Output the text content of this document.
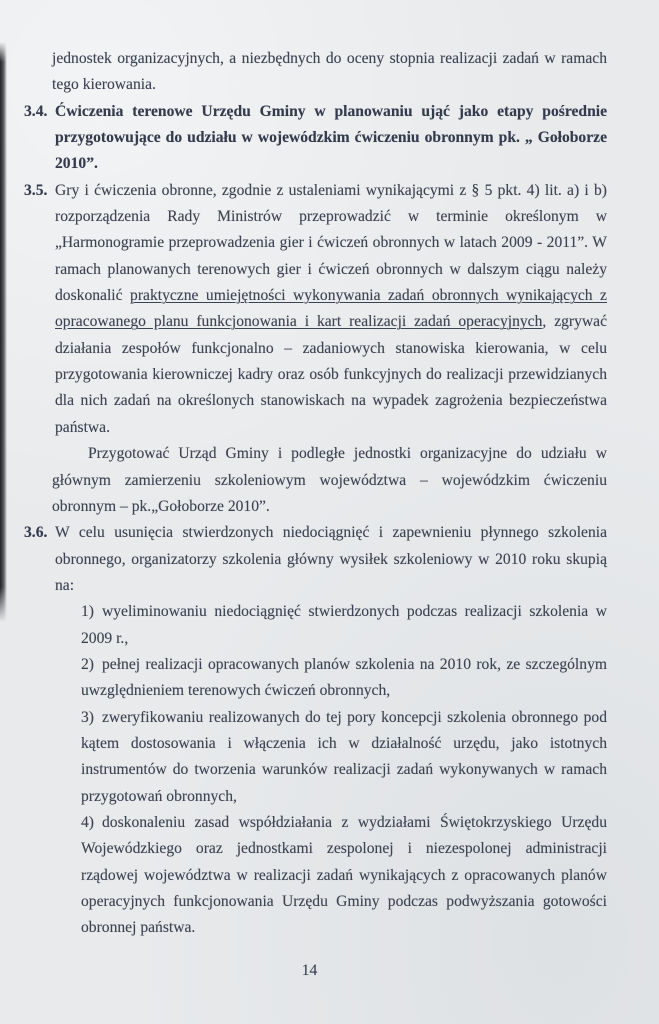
jednostek organizacyjnych, a niezbędnych do oceny stopnia realizacji zadań w ramach tego kierowania.

3.4. Ćwiczenia terenowe Urzędu Gminy w planowaniu ująć jako etapy pośrednie przygotowujące do udziału w wojewódzkim ćwiczeniu obronnym pk. „ Gołoborze 2010”.

3.5. Gry i ćwiczenia obronne, zgodnie z ustaleniami wynikającymi z § 5 pkt. 4) lit. a) i b) rozporządzenia Rady Ministrów przeprowadzić w terminie określonym w „Harmonogramie przeprowadzenia gier i ćwiczeń obronnych w latach 2009 - 2011”. W ramach planowanych terenowych gier i ćwiczeń obronnych w dalszym ciągu należy doskonalić praktyczne umiejętności wykonywania zadań obronnych wynikających z opracowanego planu funkcjonowania i kart realizacji zadań operacyjnych, zgrywać działania zespołów funkcjonalno – zadaniowych stanowiska kierowania, w celu przygotowania kierowniczej kadry oraz osób funkcyjnych do realizacji przewidzianych dla nich zadań na określonych stanowiskach na wypadek zagrożenia bezpieczeństwa państwa.

Przygotować Urząd Gminy i podległe jednostki organizacyjne do udziału w głównym zamierzeniu szkoleniowym województwa – wojewódzkim ćwiczeniu obronnym – pk.„Gołoborze 2010”.

3.6. W celu usunięcia stwierdzonych niedociągnięć i zapewnieniu płynnego szkolenia obronnego, organizatorzy szkolenia główny wysiłek szkoleniowy w 2010 roku skupią na:

1) wyeliminowaniu niedociągnięć stwierdzonych podczas realizacji szkolenia w 2009 r.,
2) pełnej realizacji opracowanych planów szkolenia na 2010 rok, ze szczególnym uwzględnieniem terenowych ćwiczeń obronnych,
3) zweryfikowaniu realizowanych do tej pory koncepcji szkolenia obronnego pod kątem dostosowania i włączenia ich w działalność urzędu, jako istotnych instrumentów do tworzenia warunków realizacji zadań wykonywanych w ramach przygotowań obronnych,
4) doskonaleniu zasad współdziałania z wydziałami Świętokrzyskiego Urzędu Wojewódzkiego oraz jednostkami zespolonej i niezespolonej administracji rządowej województwa w realizacji zadań wynikających z opracowanych planów operacyjnych funkcjonowania Urzędu Gminy podczas podwyższania gotowości obronnej państwa.
14
